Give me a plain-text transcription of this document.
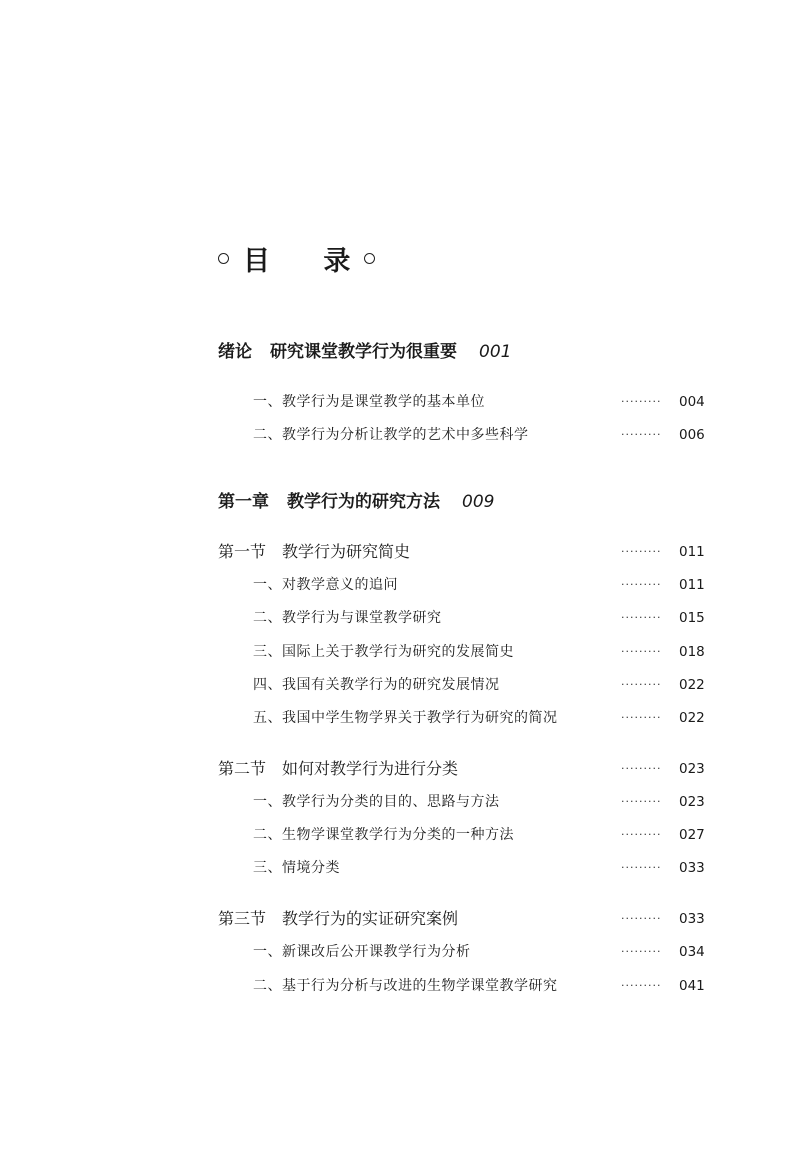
目 录
绪论 研究课堂教学行为很重要 001
一、教学行为是课堂教学的基本单位	········· 004
二、教学行为分析让教学的艺术中多些科学	········· 006
第一章 教学行为的研究方法 009
第一节 教学行为研究简史	········· 011
一、对教学意义的追问	········· 011
二、教学行为与课堂教学研究	········· 015
三、国际上关于教学行为研究的发展简史	········· 018
四、我国有关教学行为的研究发展情况	········· 022
五、我国中学生物学界关于教学行为研究的简况	········· 022
第二节 如何对教学行为进行分类	········· 023
一、教学行为分类的目的、思路与方法	········· 023
二、生物学课堂教学行为分类的一种方法	········· 027
三、情境分类	········· 033
第三节 教学行为的实证研究案例	········· 033
一、新课改后公开课教学行为分析	········· 034
二、基于行为分析与改进的生物学课堂教学研究	········· 041
